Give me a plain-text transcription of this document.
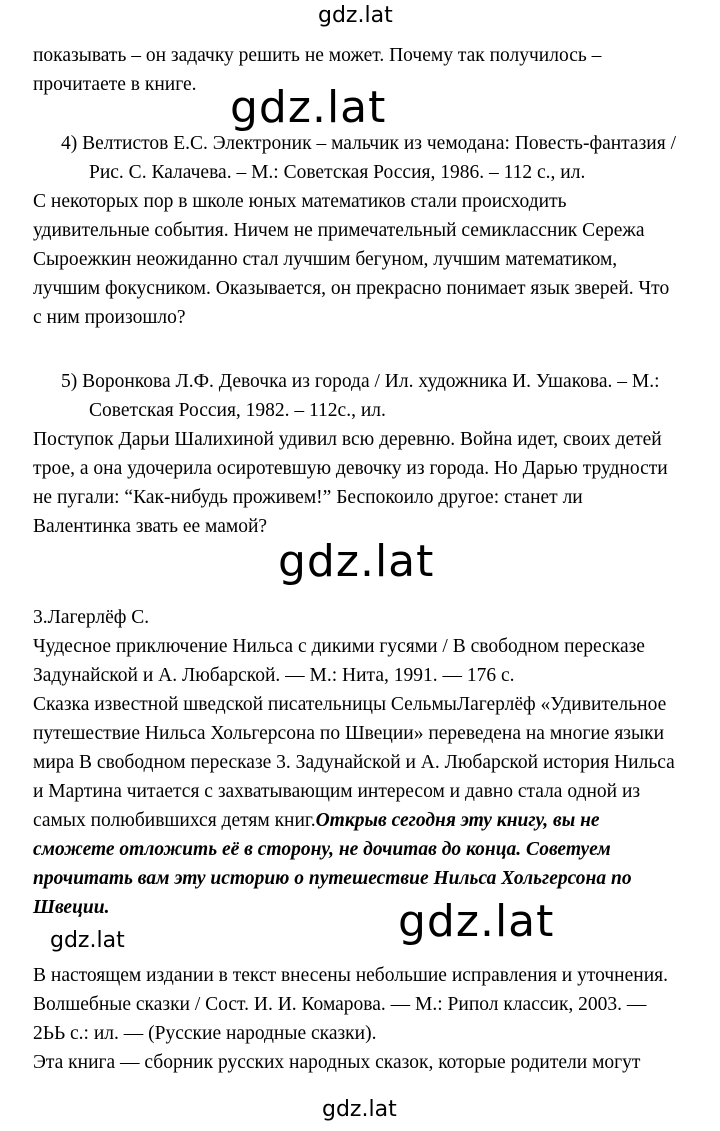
gdz.lat
gdz.lat
gdz.lat
gdz.lat
gdz.lat
gdz.lat
показывать – он задачку решить не может. Почему так получилось –
прочитаете в книге.
4) Велтистов Е.С. Электроник – мальчик из чемодана: Повесть-фантазия /
Рис. С. Калачева. – М.: Советская Россия, 1986. – 112 с., ил.
С некоторых пор в школе юных математиков стали происходить
удивительные события. Ничем не примечательный семиклассник Сережа
Сыроежкин неожиданно стал лучшим бегуном, лучшим математиком,
лучшим фокусником. Оказывается, он прекрасно понимает язык зверей. Что
с ним произошло?
5) Воронкова Л.Ф. Девочка из города / Ил. художника И. Ушакова. – М.:
Советская Россия, 1982. – 112с., ил.
Поступок Дарьи Шалихиной удивил всю деревню. Война идет, своих детей
трое, а она удочерила осиротевшую девочку из города. Но Дарью трудности
не пугали: “Как-нибудь проживем!” Беспокоило другое: станет ли
Валентинка звать ее мамой?
3.Лагерлёф С.
Чудесное приключение Нильса с дикими гусями / В свободном пересказе
Задунайской и А. Любарской. — М.: Нита, 1991. — 176 с.
Сказка известной шведской писательницы СельмыЛагерлёф «Удивительное
путешествие Нильса Хольгерсона по Швеции» переведена на многие языки
мира В свободном пересказе 3. Задунайской и А. Любарской история Нильса
и Мартина читается с захватывающим интересом и давно стала одной из
самых полюбившихся детям книг.Открыв сегодня эту книгу, вы не
сможете отложить её в сторону, не дочитав до конца. Советуем
прочитать вам эту историю о путешествие Нильса Хольгерсона по
Швеции.
В настоящем издании в текст внесены небольшие исправления и уточнения.
Волшебные сказки / Сост. И. И. Комарова. — М.: Рипол классик, 2003. —
2ЬЬ с.: ил. — (Русские народные сказки).
Эта книга — сборник русских народных сказок, которые родители могут
